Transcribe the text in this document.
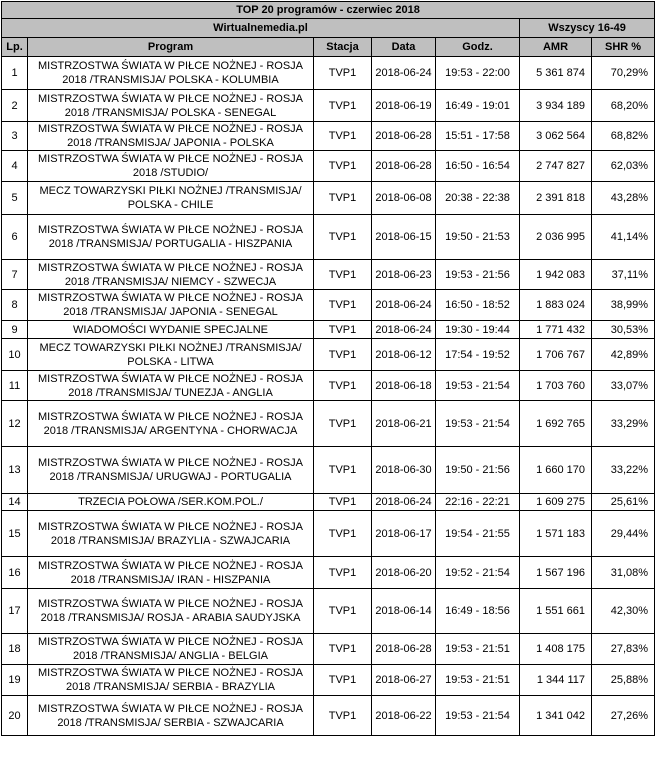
TOP 20 programów - czerwiec 2018						
Wirtualnemedia.pl					Wszyscy 16-49	
Lp.	Program	Stacja	Data	Godz.	AMR	SHR %
1	MISTRZOSTWA ŚWIATA W PIŁCE NOŻNEJ - ROSJA 2018 /TRANSMISJA/ POLSKA - KOLUMBIA	TVP1	2018-06-24	19:53 - 22:00	5 361 874	70,29%
2	MISTRZOSTWA ŚWIATA W PIŁCE NOŻNEJ - ROSJA 2018 /TRANSMISJA/ POLSKA - SENEGAL	TVP1	2018-06-19	16:49 - 19:01	3 934 189	68,20%
3	MISTRZOSTWA ŚWIATA W PIŁCE NOŻNEJ - ROSJA 2018 /TRANSMISJA/ JAPONIA - POLSKA	TVP1	2018-06-28	15:51 - 17:58	3 062 564	68,82%
4	MISTRZOSTWA ŚWIATA W PIŁCE NOŻNEJ - ROSJA 2018 /STUDIO/	TVP1	2018-06-28	16:50 - 16:54	2 747 827	62,03%
5	MECZ TOWARZYSKI PIŁKI NOŻNEJ /TRANSMISJA/ POLSKA - CHILE	TVP1	2018-06-08	20:38 - 22:38	2 391 818	43,28%
6	MISTRZOSTWA ŚWIATA W PIŁCE NOŻNEJ - ROSJA 2018 /TRANSMISJA/ PORTUGALIA - HISZPANIA	TVP1	2018-06-15	19:50 - 21:53	2 036 995	41,14%
7	MISTRZOSTWA ŚWIATA W PIŁCE NOŻNEJ - ROSJA 2018 /TRANSMISJA/ NIEMCY - SZWECJA	TVP1	2018-06-23	19:53 - 21:56	1 942 083	37,11%
8	MISTRZOSTWA ŚWIATA W PIŁCE NOŻNEJ - ROSJA 2018 /TRANSMISJA/ JAPONIA - SENEGAL	TVP1	2018-06-24	16:50 - 18:52	1 883 024	38,99%
9	WIADOMOŚCI WYDANIE SPECJALNE	TVP1	2018-06-24	19:30 - 19:44	1 771 432	30,53%
10	MECZ TOWARZYSKI PIŁKI NOŻNEJ /TRANSMISJA/ POLSKA - LITWA	TVP1	2018-06-12	17:54 - 19:52	1 706 767	42,89%
11	MISTRZOSTWA ŚWIATA W PIŁCE NOŻNEJ - ROSJA 2018 /TRANSMISJA/ TUNEZJA - ANGLIA	TVP1	2018-06-18	19:53 - 21:54	1 703 760	33,07%
12	MISTRZOSTWA ŚWIATA W PIŁCE NOŻNEJ - ROSJA 2018 /TRANSMISJA/ ARGENTYNA - CHORWACJA	TVP1	2018-06-21	19:53 - 21:54	1 692 765	33,29%
13	MISTRZOSTWA ŚWIATA W PIŁCE NOŻNEJ - ROSJA 2018 /TRANSMISJA/ URUGWAJ - PORTUGALIA	TVP1	2018-06-30	19:50 - 21:56	1 660 170	33,22%
14	TRZECIA POŁOWA /SER.KOM.POL./	TVP1	2018-06-24	22:16 - 22:21	1 609 275	25,61%
15	MISTRZOSTWA ŚWIATA W PIŁCE NOŻNEJ - ROSJA 2018 /TRANSMISJA/ BRAZYLIA - SZWAJCARIA	TVP1	2018-06-17	19:54 - 21:55	1 571 183	29,44%
16	MISTRZOSTWA ŚWIATA W PIŁCE NOŻNEJ - ROSJA 2018 /TRANSMISJA/ IRAN - HISZPANIA	TVP1	2018-06-20	19:52 - 21:54	1 567 196	31,08%
17	MISTRZOSTWA ŚWIATA W PIŁCE NOŻNEJ - ROSJA 2018 /TRANSMISJA/ ROSJA - ARABIA SAUDYJSKA	TVP1	2018-06-14	16:49 - 18:56	1 551 661	42,30%
18	MISTRZOSTWA ŚWIATA W PIŁCE NOŻNEJ - ROSJA 2018 /TRANSMISJA/ ANGLIA - BELGIA	TVP1	2018-06-28	19:53 - 21:51	1 408 175	27,83%
19	MISTRZOSTWA ŚWIATA W PIŁCE NOŻNEJ - ROSJA 2018 /TRANSMISJA/ SERBIA - BRAZYLIA	TVP1	2018-06-27	19:53 - 21:51	1 344 117	25,88%
20	MISTRZOSTWA ŚWIATA W PIŁCE NOŻNEJ - ROSJA 2018 /TRANSMISJA/ SERBIA - SZWAJCARIA	TVP1	2018-06-22	19:53 - 21:54	1 341 042	27,26%
